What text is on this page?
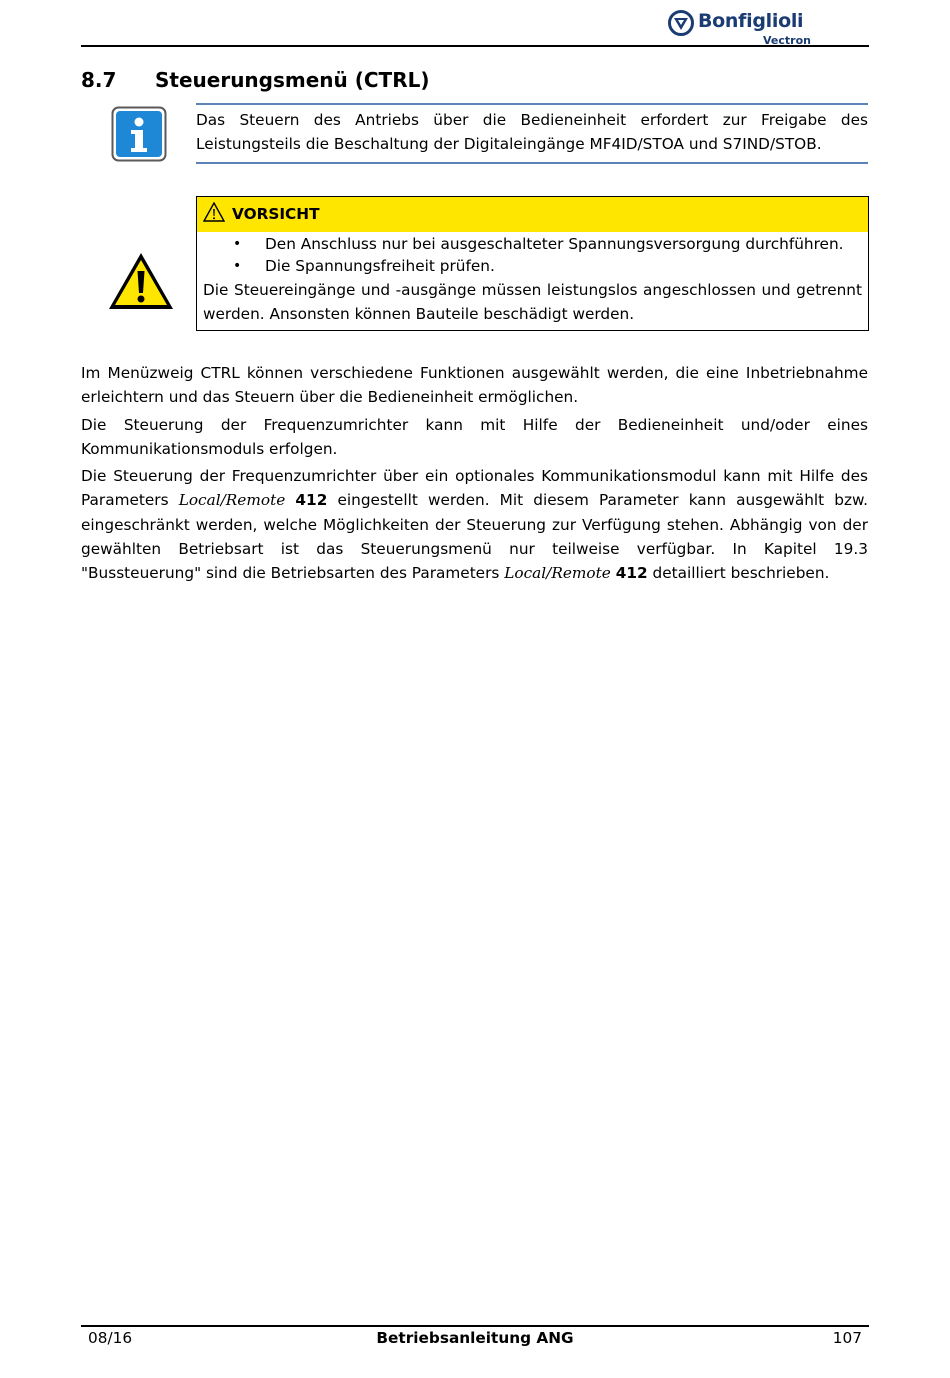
Bonfiglioli
Vectron
8.7 Steuerungsmenü (CTRL)
Das Steuern des Antriebs über die Bedieneinheit erfordert zur Freigabe des Leistungsteils die Beschaltung der Digitaleingänge MF4ID/STOA und S7IND/STOB.
VORSICHT
• Den Anschluss nur bei ausgeschalteter Spannungsversorgung durchführen.
• Die Spannungsfreiheit prüfen.
Die Steuereingänge und -ausgänge müssen leistungslos angeschlossen und getrennt werden. Ansonsten können Bauteile beschädigt werden.
Im Menüzweig CTRL können verschiedene Funktionen ausgewählt werden, die eine Inbetriebnahme erleichtern und das Steuern über die Bedieneinheit ermöglichen.
Die Steuerung der Frequenzumrichter kann mit Hilfe der Bedieneinheit und/oder eines Kommunikationsmoduls erfolgen.
Die Steuerung der Frequenzumrichter über ein optionales Kommunikationsmodul kann mit Hilfe des Parameters Local/Remote 412 eingestellt werden. Mit diesem Parameter kann ausgewählt bzw. eingeschränkt werden, welche Möglichkeiten der Steuerung zur Verfügung stehen. Abhängig von der gewählten Betriebsart ist das Steuerungsmenü nur teilweise verfügbar. In Kapitel 19.3 "Bussteuerung" sind die Betriebsarten des Parameters Local/Remote 412 detailliert beschrieben.
08/16	Betriebsanleitung ANG	107
